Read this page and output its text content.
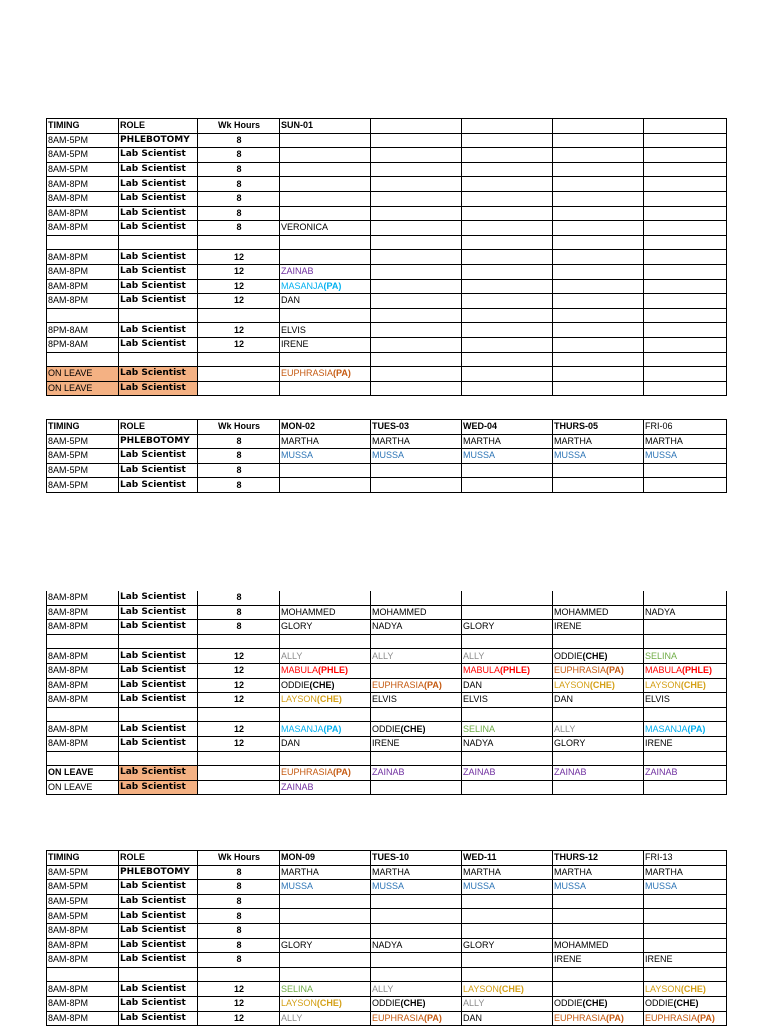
TIMING	ROLE	Wk Hours	SUN-01				
8AM-5PM	PHLEBOTOMY	8					
8AM-5PM	Lab Scientist	8					
8AM-5PM	Lab Scientist	8					
8AM-8PM	Lab Scientist	8					
8AM-8PM	Lab Scientist	8					
8AM-8PM	Lab Scientist	8					
8AM-8PM	Lab Scientist	8	VERONICA				

8AM-8PM	Lab Scientist	12					
8AM-8PM	Lab Scientist	12	ZAINAB				
8AM-8PM	Lab Scientist	12	MASANJA(PA)				
8AM-8PM	Lab Scientist	12	DAN				

8PM-8AM	Lab Scientist	12	ELVIS				
8PM-8AM	Lab Scientist	12	IRENE				

ON LEAVE	Lab Scientist		EUPHRASIA(PA)				
ON LEAVE	Lab Scientist						
TIMING	ROLE	Wk Hours	MON-02	TUES-03	WED-04	THURS-05	FRI-06
8AM-5PM	PHLEBOTOMY	8	MARTHA	MARTHA	MARTHA	MARTHA	MARTHA
8AM-5PM	Lab Scientist	8	MUSSA	MUSSA	MUSSA	MUSSA	MUSSA
8AM-5PM	Lab Scientist	8					
8AM-5PM	Lab Scientist	8					
8AM-8PM	Lab Scientist	8					
8AM-8PM	Lab Scientist	8	MOHAMMED	MOHAMMED		MOHAMMED	NADYA
8AM-8PM	Lab Scientist	8	GLORY	NADYA	GLORY	IRENE	

8AM-8PM	Lab Scientist	12	ALLY	ALLY	ALLY	ODDIE(CHE)	SELINA
8AM-8PM	Lab Scientist	12	MABULA(PHLE)		MABULA(PHLE)	EUPHRASIA(PA)	MABULA(PHLE)
8AM-8PM	Lab Scientist	12	ODDIE(CHE)	EUPHRASIA(PA)	DAN	LAYSON(CHE)	LAYSON(CHE)
8AM-8PM	Lab Scientist	12	LAYSON(CHE)	ELVIS	ELVIS	DAN	ELVIS

8AM-8PM	Lab Scientist	12	MASANJA(PA)	ODDIE(CHE)	SELINA	ALLY	MASANJA(PA)
8AM-8PM	Lab Scientist	12	DAN	IRENE	NADYA	GLORY	IRENE

ON LEAVE	Lab Scientist		EUPHRASIA(PA)	ZAINAB	ZAINAB	ZAINAB	ZAINAB
ON LEAVE	Lab Scientist		ZAINAB				
TIMING	ROLE	Wk Hours	MON-09	TUES-10	WED-11	THURS-12	FRI-13
8AM-5PM	PHLEBOTOMY	8	MARTHA	MARTHA	MARTHA	MARTHA	MARTHA
8AM-5PM	Lab Scientist	8	MUSSA	MUSSA	MUSSA	MUSSA	MUSSA
8AM-5PM	Lab Scientist	8					
8AM-5PM	Lab Scientist	8					
8AM-8PM	Lab Scientist	8					
8AM-8PM	Lab Scientist	8	GLORY	NADYA	GLORY	MOHAMMED	
8AM-8PM	Lab Scientist	8				IRENE	IRENE

8AM-8PM	Lab Scientist	12	SELINA	ALLY	LAYSON(CHE)		LAYSON(CHE)
8AM-8PM	Lab Scientist	12	LAYSON(CHE)	ODDIE(CHE)	ALLY	ODDIE(CHE)	ODDIE(CHE)
8AM-8PM	Lab Scientist	12	ALLY	EUPHRASIA(PA)	DAN	EUPHRASIA(PA)	EUPHRASIA(PA)
